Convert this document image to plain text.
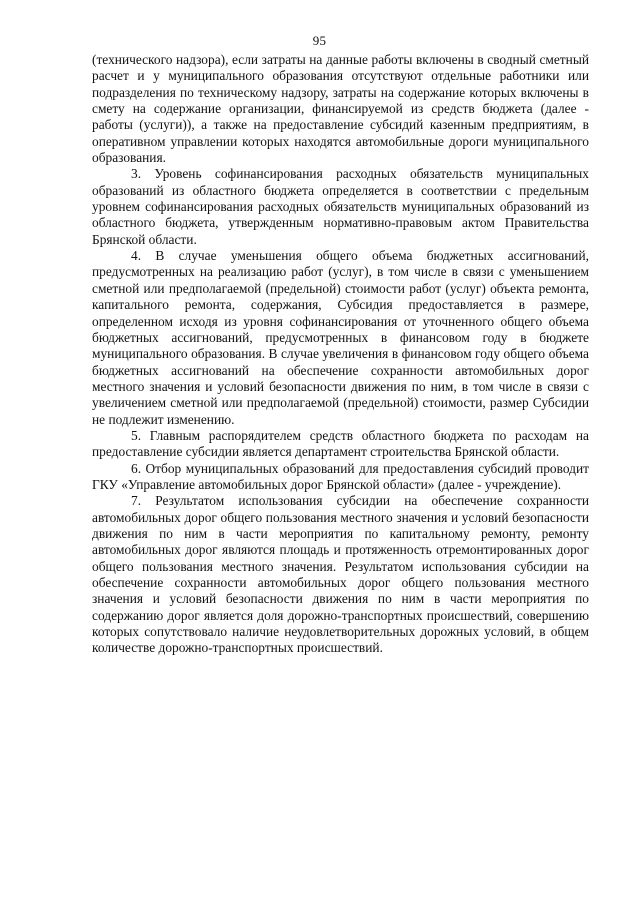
95

(технического надзора), если затраты на данные работы включены в сводный сметный расчет и у муниципального образования отсутствуют отдельные работники или подразделения по техническому надзору, затраты на содержание которых включены в смету на содержание организации, финансируемой из средств бюджета (далее - работы (услуги)), а также на предоставление субсидий казенным предприятиям, в оперативном управлении которых находятся автомобильные дороги муниципального образования.

3. Уровень софинансирования расходных обязательств муниципальных образований из областного бюджета определяется в соответствии с предельным уровнем софинансирования расходных обязательств муниципальных образований из областного бюджета, утвержденным нормативно-правовым актом Правительства Брянской области.

4. В случае уменьшения общего объема бюджетных ассигнований, предусмотренных на реализацию работ (услуг), в том числе в связи с уменьшением сметной или предполагаемой (предельной) стоимости работ (услуг) объекта ремонта, капитального ремонта, содержания, Субсидия предоставляется в размере, определенном исходя из уровня софинансирования от уточненного общего объема бюджетных ассигнований, предусмотренных в финансовом году в бюджете муниципального образования. В случае увеличения в финансовом году общего объема бюджетных ассигнований на обеспечение сохранности автомобильных дорог местного значения и условий безопасности движения по ним, в том числе в связи с увеличением сметной или предполагаемой (предельной) стоимости, размер Субсидии не подлежит изменению.

5. Главным распорядителем средств областного бюджета по расходам на предоставление субсидии является департамент строительства Брянской области.

6. Отбор муниципальных образований для предоставления субсидий проводит ГКУ «Управление автомобильных дорог Брянской области» (далее - учреждение).

7. Результатом использования субсидии на обеспечение сохранности автомобильных дорог общего пользования местного значения и условий безопасности движения по ним в части мероприятия по капитальному ремонту, ремонту автомобильных дорог являются площадь и протяженность отремонтированных дорог общего пользования местного значения. Результатом использования субсидии на обеспечение сохранности автомобильных дорог общего пользования местного значения и условий безопасности движения по ним в части мероприятия по содержанию дорог является доля дорожно-транспортных происшествий, совершению которых сопутствовало наличие неудовлетворительных дорожных условий, в общем количестве дорожно-транспортных происшествий.
